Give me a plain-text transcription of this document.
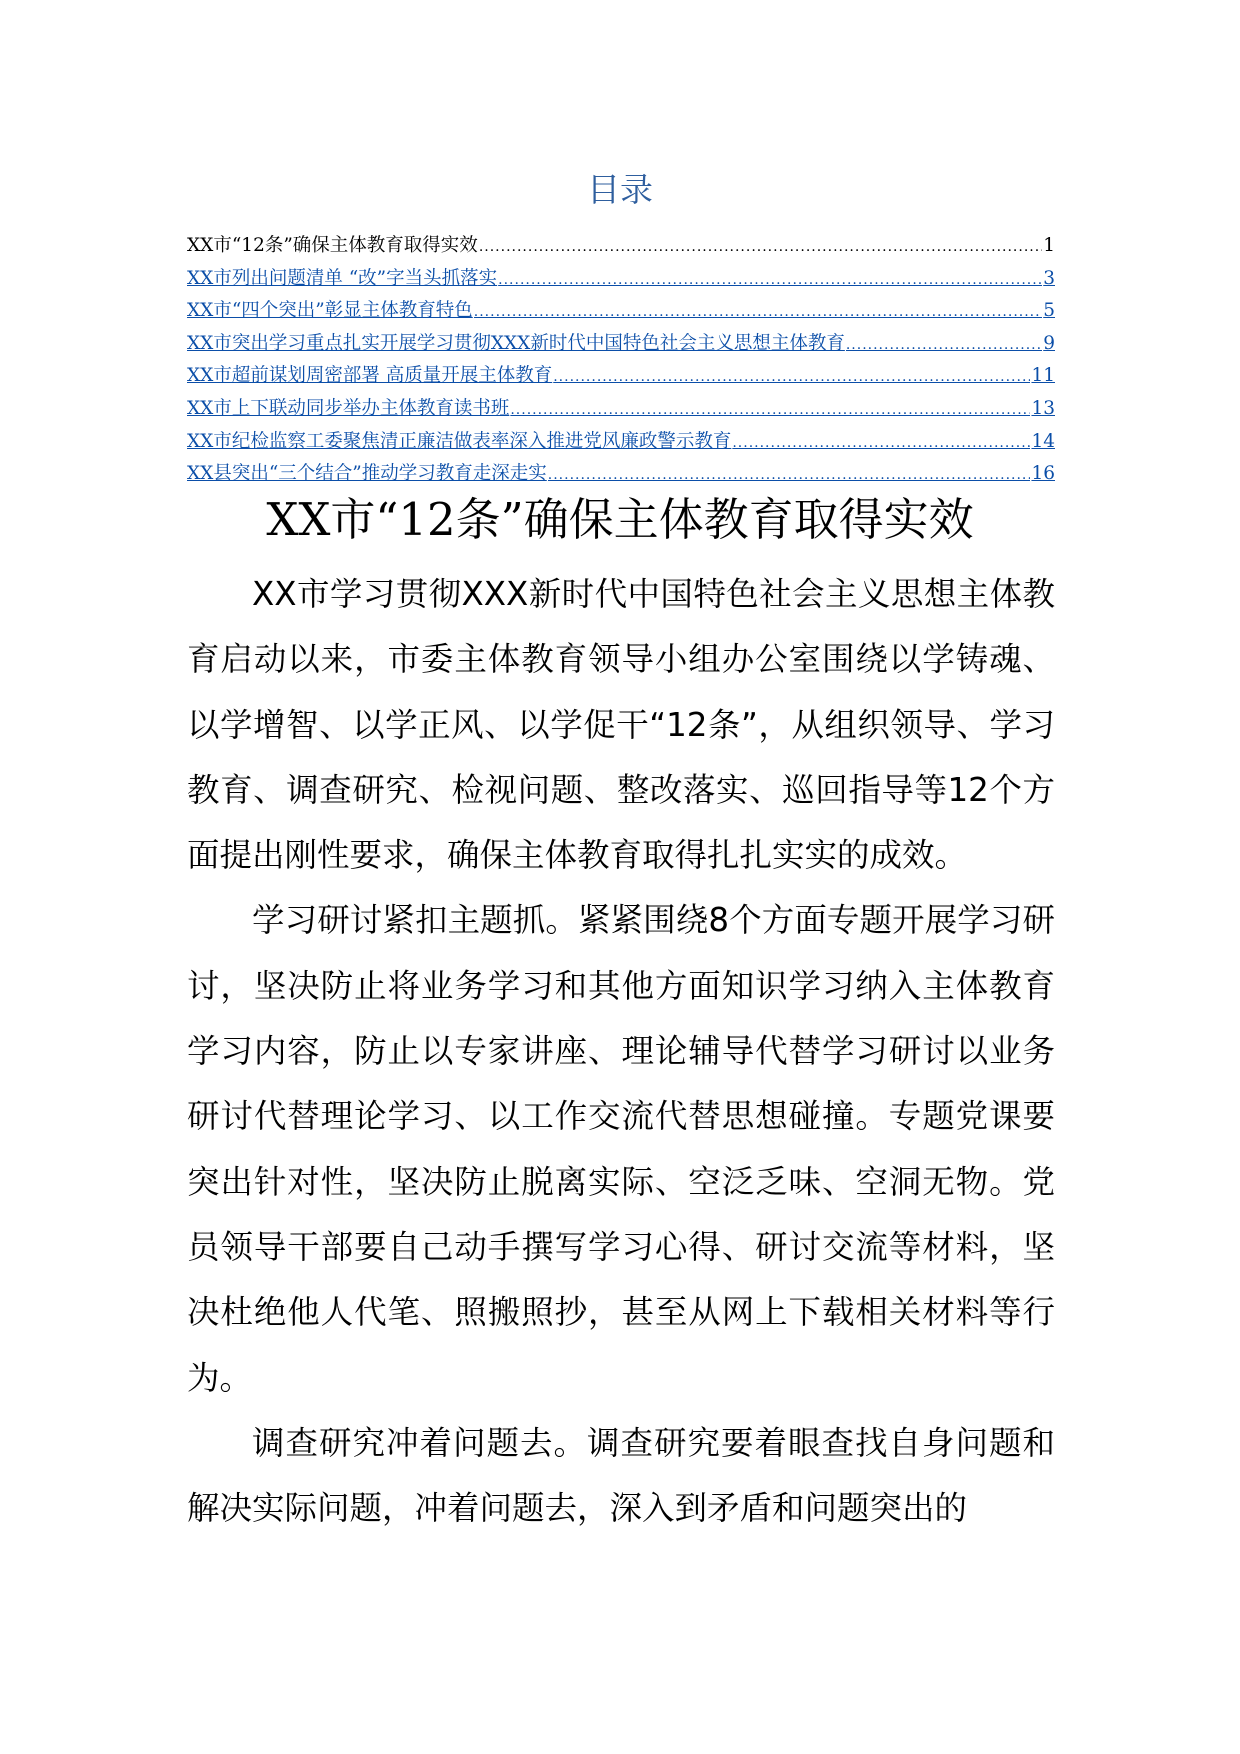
目录
XX市“12条”确保主体教育取得实效 .....	1
XX市列出问题清单 “改”字当头抓落实 .....	3
XX市“四个突出”彰显主体教育特色 .....	5
XX市突出学习重点扎实开展学习贯彻XXX新时代中国特色社会主义思想主体教育 .....	9
XX市超前谋划周密部署 高质量开展主体教育 .....	11
XX市上下联动同步举办主体教育读书班 .....	13
XX市纪检监察工委聚焦清正廉洁做表率深入推进党风廉政警示教育 .....	14
XX县突出“三个结合”推动学习教育走深走实 .....	16
XX市“12条”确保主体教育取得实效

XX市学习贯彻XXX新时代中国特色社会主义思想主体教育启动以来，市委主体教育领导小组办公室围绕以学铸魂、以学增智、以学正风、以学促干“12条”，从组织领导、学习教育、调查研究、检视问题、整改落实、巡回指导等12个方面提出刚性要求，确保主体教育取得扎扎实实的成效。

学习研讨紧扣主题抓。紧紧围绕8个方面专题开展学习研讨，坚决防止将业务学习和其他方面知识学习纳入主体教育学习内容，防止以专家讲座、理论辅导代替学习研讨以业务研讨代替理论学习、以工作交流代替思想碰撞。专题党课要突出针对性，坚决防止脱离实际、空泛乏味、空洞无物。党员领导干部要自己动手撰写学习心得、研讨交流等材料，坚决杜绝他人代笔、照搬照抄，甚至从网上下载相关材料等行为。

调查研究冲着问题去。调查研究要着眼查找自身问题和解决实际问题，冲着问题去，深入到矛盾和问题突出的
